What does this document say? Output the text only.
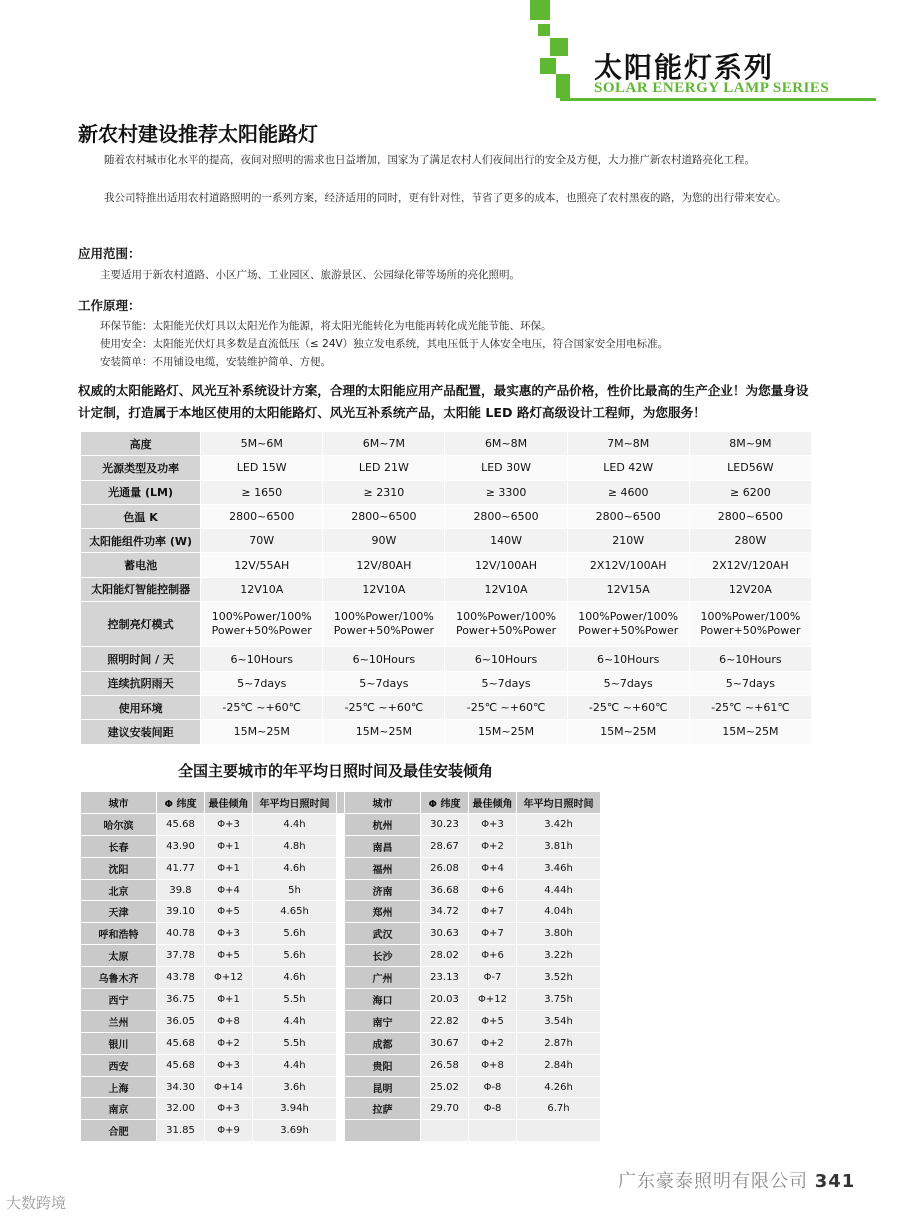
太阳能灯系列
SOLAR ENERGY LAMP SERIES
新农村建设推荐太阳能路灯
随着农村城市化水平的提高，夜间对照明的需求也日益增加，国家为了满足农村人们夜间出行的安全及方便，大力推广新农村道路亮化工程。
我公司特推出适用农村道路照明的一系列方案，经济适用的同时，更有针对性，节省了更多的成本，也照亮了农村黑夜的路，为您的出行带来安心。
应用范围：
主要适用于新农村道路、小区广场、工业园区、旅游景区、公园绿化带等场所的亮化照明。
工作原理：
环保节能：太阳能光伏灯具以太阳光作为能源，将太阳光能转化为电能再转化成光能节能、环保。
使用安全：太阳能光伏灯具多数是直流低压（≤ 24V）独立发电系统，其电压低于人体安全电压，符合国家安全用电标准。
安装简单：不用铺设电缆，安装维护简单、方便。
权威的太阳能路灯、风光互补系统设计方案，合理的太阳能应用产品配置，最实惠的产品价格，性价比最高的生产企业！为您量身设计定制，打造属于本地区使用的太阳能路灯、风光互补系统产品，太阳能 LED 路灯高级设计工程师，为您服务！
高度	5M~6M	6M~7M	6M~8M	7M~8M	8M~9M
光源类型及功率	LED 15W	LED 21W	LED 30W	LED 42W	LED56W
光通量 (LM)	≥ 1650	≥ 2310	≥ 3300	≥ 4600	≥ 6200
色温 K	2800~6500	2800~6500	2800~6500	2800~6500	2800~6500
太阳能组件功率 (W)	70W	90W	140W	210W	280W
蓄电池	12V/55AH	12V/80AH	12V/100AH	2X12V/100AH	2X12V/120AH
太阳能灯智能控制器	12V10A	12V10A	12V10A	12V15A	12V20A
控制亮灯模式	100%Power/100% Power+50%Power	100%Power/100% Power+50%Power	100%Power/100% Power+50%Power	100%Power/100% Power+50%Power	100%Power/100% Power+50%Power
照明时间 / 天	6~10Hours	6~10Hours	6~10Hours	6~10Hours	6~10Hours
连续抗阴雨天	5~7days	5~7days	5~7days	5~7days	5~7days
使用环境	-25℃ ~+60℃	-25℃ ~+60℃	-25℃ ~+60℃	-25℃ ~+60℃	-25℃ ~+61℃
建议安装间距	15M~25M	15M~25M	15M~25M	15M~25M	15M~25M
全国主要城市的年平均日照时间及最佳安装倾角
城市	Φ 纬度	最佳倾角	年平均日照时间		城市	Φ 纬度	最佳倾角	年平均日照时间
哈尔滨	45.68	Φ+3	4.4h		杭州	30.23	Φ+3	3.42h
长春	43.90	Φ+1	4.8h		南昌	28.67	Φ+2	3.81h
沈阳	41.77	Φ+1	4.6h		福州	26.08	Φ+4	3.46h
北京	39.8	Φ+4	5h		济南	36.68	Φ+6	4.44h
天津	39.10	Φ+5	4.65h		郑州	34.72	Φ+7	4.04h
呼和浩特	40.78	Φ+3	5.6h		武汉	30.63	Φ+7	3.80h
太原	37.78	Φ+5	5.6h		长沙	28.02	Φ+6	3.22h
乌鲁木齐	43.78	Φ+12	4.6h		广州	23.13	Φ-7	3.52h
西宁	36.75	Φ+1	5.5h		海口	20.03	Φ+12	3.75h
兰州	36.05	Φ+8	4.4h		南宁	22.82	Φ+5	3.54h
银川	45.68	Φ+2	5.5h		成都	30.67	Φ+2	2.87h
西安	45.68	Φ+3	4.4h		贵阳	26.58	Φ+8	2.84h
上海	34.30	Φ+14	3.6h		昆明	25.02	Φ-8	4.26h
南京	32.00	Φ+3	3.94h		拉萨	29.70	Φ-8	6.7h
合肥	31.85	Φ+9	3.69h					
大数跨境
广东豪泰照明有限公司 341
